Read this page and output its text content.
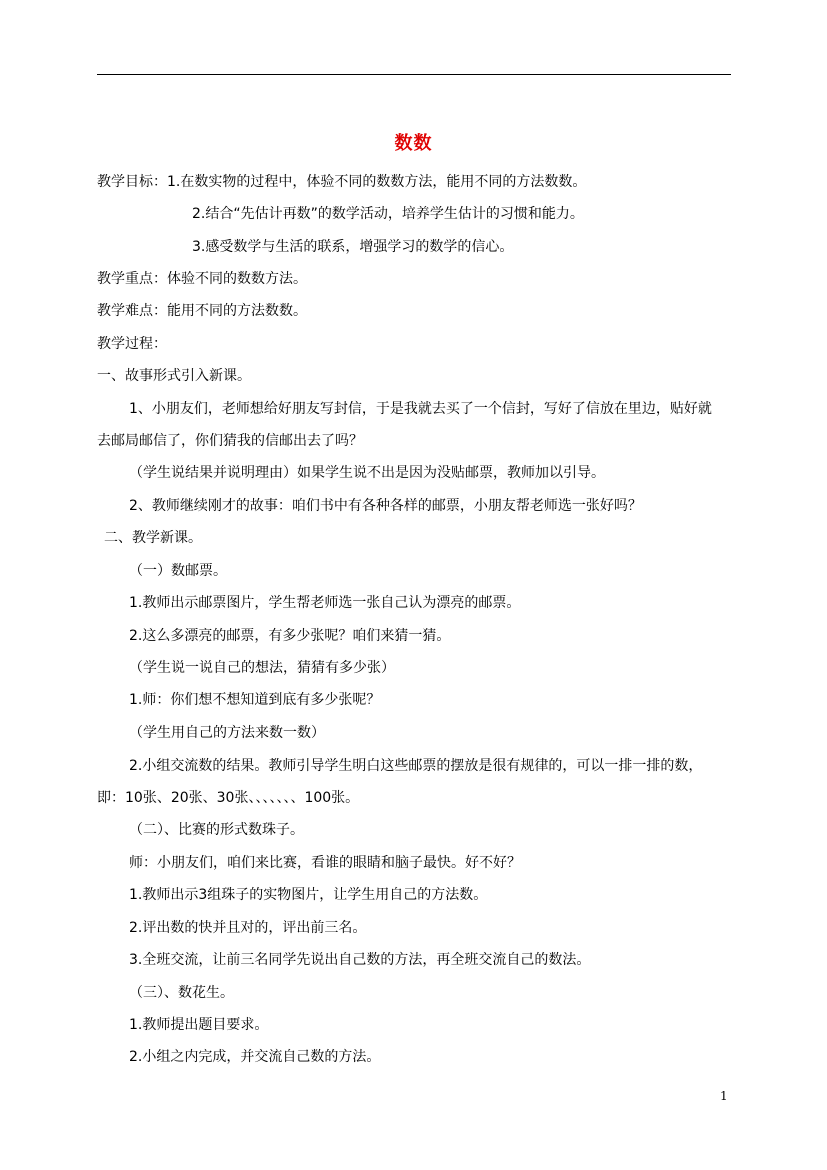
数数
教学目标：1.在数实物的过程中，体验不同的数数方法，能用不同的方法数数。
2.结合“先估计再数”的数学活动，培养学生估计的习惯和能力。
3.感受数学与生活的联系，增强学习的数学的信心。
教学重点：体验不同的数数方法。
教学难点：能用不同的方法数数。
教学过程：
一、故事形式引入新课。
1、小朋友们，老师想给好朋友写封信，于是我就去买了一个信封，写好了信放在里边，贴好就
去邮局邮信了，你们猜我的信邮出去了吗？
（学生说结果并说明理由）如果学生说不出是因为没贴邮票，教师加以引导。
2、教师继续刚才的故事：咱们书中有各种各样的邮票，小朋友帮老师选一张好吗？
二、教学新课。
（一）数邮票。
1.教师出示邮票图片，学生帮老师选一张自己认为漂亮的邮票。
2.这么多漂亮的邮票，有多少张呢？咱们来猜一猜。
（学生说一说自己的想法，猜猜有多少张）
1.师：你们想不想知道到底有多少张呢？
（学生用自己的方法来数一数）
2.小组交流数的结果。教师引导学生明白这些邮票的摆放是很有规律的，可以一排一排的数，
即：10张、20张、30张、、、、、、、100张。
（二）、比赛的形式数珠子。
师：小朋友们，咱们来比赛，看谁的眼睛和脑子最快。好不好？
1.教师出示3组珠子的实物图片，让学生用自己的方法数。
2.评出数的快并且对的，评出前三名。
3.全班交流，让前三名同学先说出自己数的方法，再全班交流自己的数法。
（三）、数花生。
1.教师提出题目要求。
2.小组之内完成，并交流自己数的方法。
1
